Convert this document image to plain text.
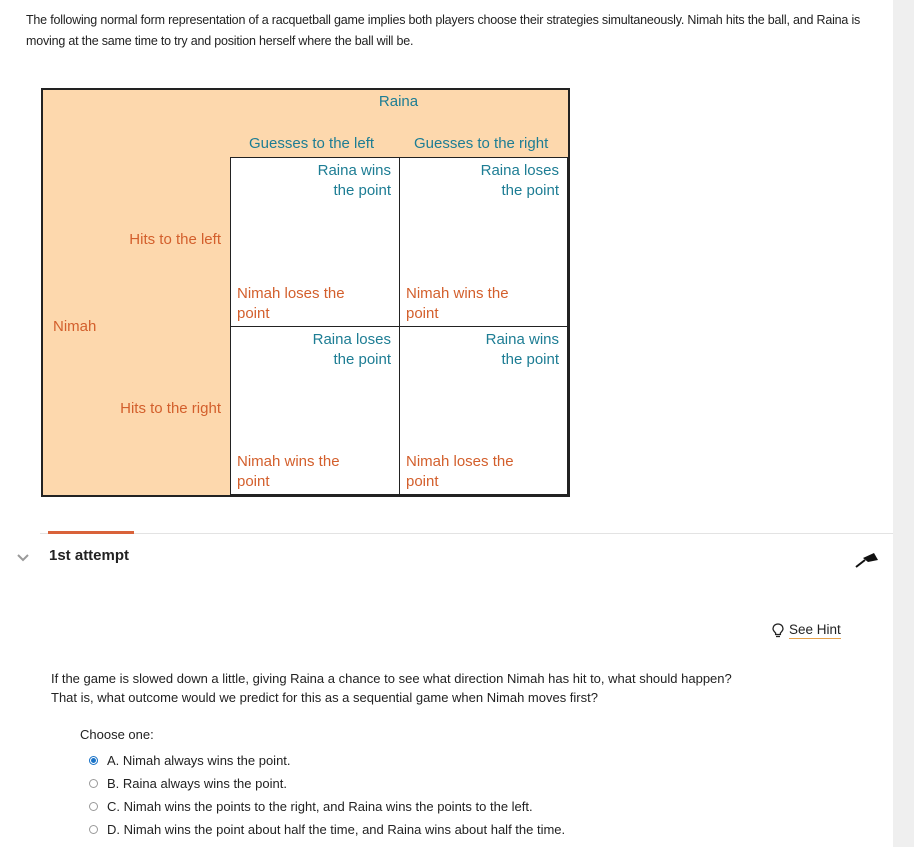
The following normal form representation of a racquetball game implies both players choose their strategies simultaneously. Nimah hits the ball, and Raina is moving at the same time to try and position herself where the ball will be.
Raina
Guesses to the left	Guesses to the right
Nimah
Hits to the left
Hits to the right
Raina wins
the point
Nimah loses the
point
Raina loses
the point
Nimah wins the
point
Raina loses
the point
Nimah wins the
point
Raina wins
the point
Nimah loses the
point
1st attempt
See Hint
If the game is slowed down a little, giving Raina a chance to see what direction Nimah has hit to, what should happen?
That is, what outcome would we predict for this as a sequential game when Nimah moves first?
Choose one:
A. Nimah always wins the point.
B. Raina always wins the point.
C. Nimah wins the points to the right, and Raina wins the points to the left.
D. Nimah wins the point about half the time, and Raina wins about half the time.
